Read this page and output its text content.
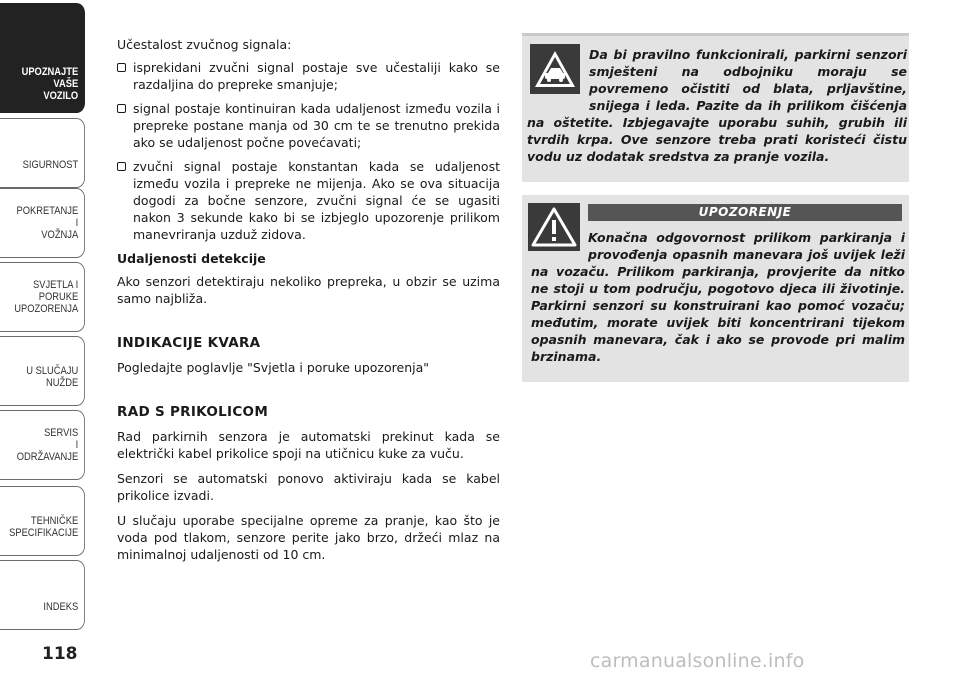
UPOZNAJTE
VAŠE
VOZILO
SIGURNOST
POKRETANJE
I
VOŽNJA
SVJETLA I
PORUKE
UPOZORENJA
U SLUČAJU
NUŽDE
SERVIS
I
ODRŽAVANJE
TEHNIČKE
SPECIFIKACIJE
INDEKS
118

Učestalost zvučnog signala:

isprekidani zvučni signal postaje sve učestaliji kako se razdaljina do prepreke smanjuje;
signal postaje kontinuiran kada udaljenost između vozila i prepreke postane manja od 30 cm te se trenutno prekida ako se udaljenost počne povećavati;
zvučni signal postaje konstantan kada se udaljenost između vozila i prepreke ne mijenja. Ako se ova situacija dogodi za bočne senzore, zvučni signal će se ugasiti nakon 3 sekunde kako bi se izbjeglo upozorenje prilikom manevriranja uzduž zidova.
Udaljenosti detekcije

Ako senzori detektiraju nekoliko prepreka, u obzir se uzima samo najbliža.

INDIKACIJE KVARA

Pogledajte poglavlje "Svjetla i poruke upozorenja"

RAD S PRIKOLICOM

Rad parkirnih senzora je automatski prekinut kada se električki kabel prikolice spoji na utičnicu kuke za vuču.

Senzori se automatski ponovo aktiviraju kada se kabel prikolice izvadi.

U slučaju uporabe specijalne opreme za pranje, kao što je voda pod tlakom, senzore perite jako brzo, držeći mlaz na minimalnoj udaljenosti od 10 cm.

Da bi pravilno funkcionirali, parkirni senzori smješteni na odbojniku moraju se povremeno očistiti od blata, prljavštine, snijega i leda. Pazite da ih prilikom čišćenja na oštetite. Izbjegavajte uporabu suhih, grubih ili tvrdih krpa. Ove senzore treba prati koristeći čistu vodu uz dodatak sredstva za pranje vozila.
UPOZORENJE
Konačna odgovornost prilikom parkiranja i provođenja opasnih manevara još uvijek leži na vozaču. Prilikom parkiranja, provjerite da nitko ne stoji u tom području, pogotovo djeca ili životinje. Parkirni senzori su konstruirani kao pomoć vozaču; međutim, morate uvijek biti koncentrirani tijekom opasnih manevara, čak i ako se provode pri malim brzinama.
carmanualsonline.info
